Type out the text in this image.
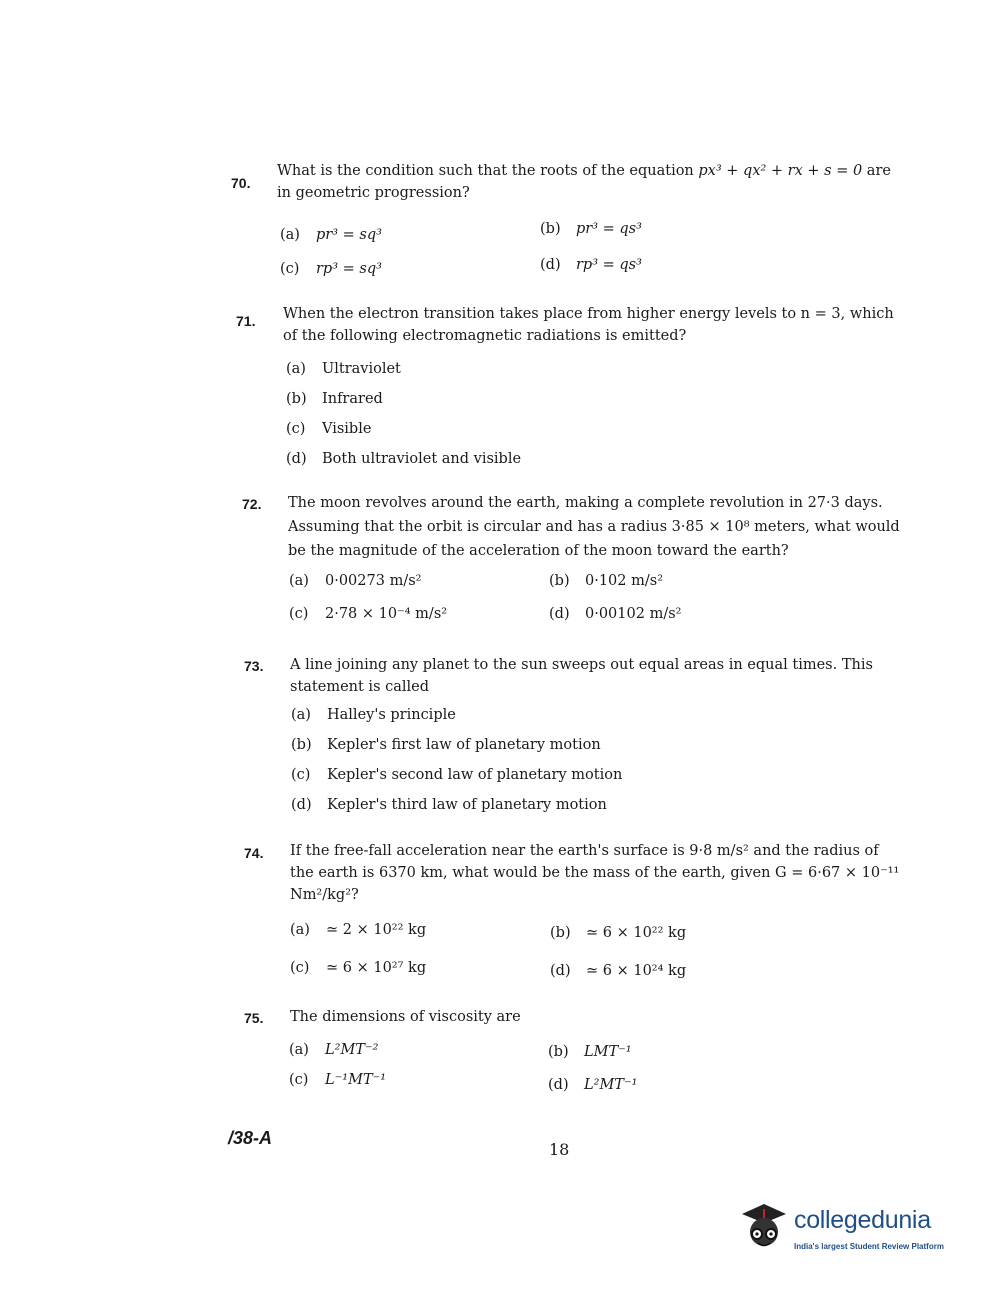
70.
What is the condition such that the roots of the equation px³ + qx² + rx + s = 0 are in geometric progression?
(a) pr³ = sq³	(b) pr³ = qs³
(c) rp³ = sq³	(d) rp³ = qs³
71. When the electron transition takes place from higher energy levels to n = 3, which of the following electromagnetic radiations is emitted?
(a) Ultraviolet
(b) Infrared
(c) Visible
(d) Both ultraviolet and visible
72. The moon revolves around the earth, making a complete revolution in 27·3 days. Assuming that the orbit is circular and has a radius 3·85 × 10⁸ meters, what would be the magnitude of the acceleration of the moon toward the earth?
(a) 0·00273 m/s²	(b) 0·102 m/s²
(c) 2·78 × 10⁻⁴ m/s²	(d) 0·00102 m/s²
73. A line joining any planet to the sun sweeps out equal areas in equal times. This statement is called
(a) Halley's principle
(b) Kepler's first law of planetary motion
(c) Kepler's second law of planetary motion
(d) Kepler's third law of planetary motion
74. If the free-fall acceleration near the earth's surface is 9·8 m/s² and the radius of the earth is 6370 km, what would be the mass of the earth, given G = 6·67 × 10⁻¹¹ Nm²/kg²?
(a) ≃ 2 × 10²² kg	(b) ≃ 6 × 10²² kg
(c) ≃ 6 × 10²⁷ kg	(d) ≃ 6 × 10²⁴ kg
75. The dimensions of viscosity are
(a) L²MT⁻²	(b) LMT⁻¹
(c) L⁻¹MT⁻¹	(d) L²MT⁻¹
/38-A
18
collegedunia
India's largest Student Review Platform
